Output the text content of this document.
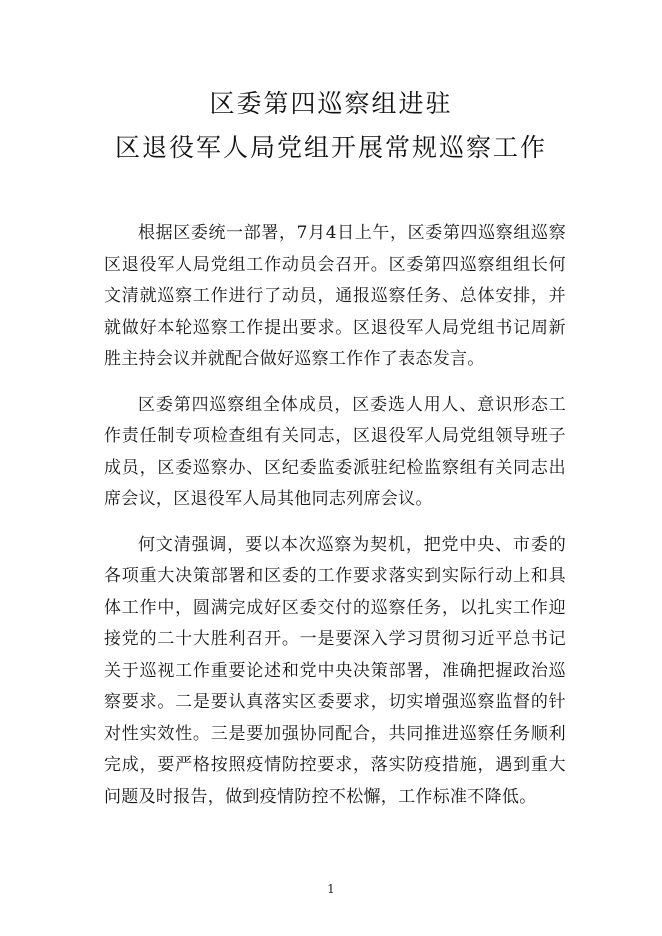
区委第四巡察组进驻
区退役军人局党组开展常规巡察工作

根据区委统一部署，7月4日上午，区委第四巡察组巡察区退役军人局党组工作动员会召开。区委第四巡察组组长何文清就巡察工作进行了动员，通报巡察任务、总体安排，并就做好本轮巡察工作提出要求。区退役军人局党组书记周新胜主持会议并就配合做好巡察工作作了表态发言。

区委第四巡察组全体成员，区委选人用人、意识形态工作责任制专项检查组有关同志，区退役军人局党组领导班子成员，区委巡察办、区纪委监委派驻纪检监察组有关同志出席会议，区退役军人局其他同志列席会议。

何文清强调，要以本次巡察为契机，把党中央、市委的各项重大决策部署和区委的工作要求落实到实际行动上和具体工作中，圆满完成好区委交付的巡察任务，以扎实工作迎接党的二十大胜利召开。一是要深入学习贯彻习近平总书记关于巡视工作重要论述和党中央决策部署，准确把握政治巡察要求。二是要认真落实区委要求，切实增强巡察监督的针对性实效性。三是要加强协同配合，共同推进巡察任务顺利完成，要严格按照疫情防控要求，落实防疫措施，遇到重大问题及时报告，做到疫情防控不松懈，工作标准不降低。

1
